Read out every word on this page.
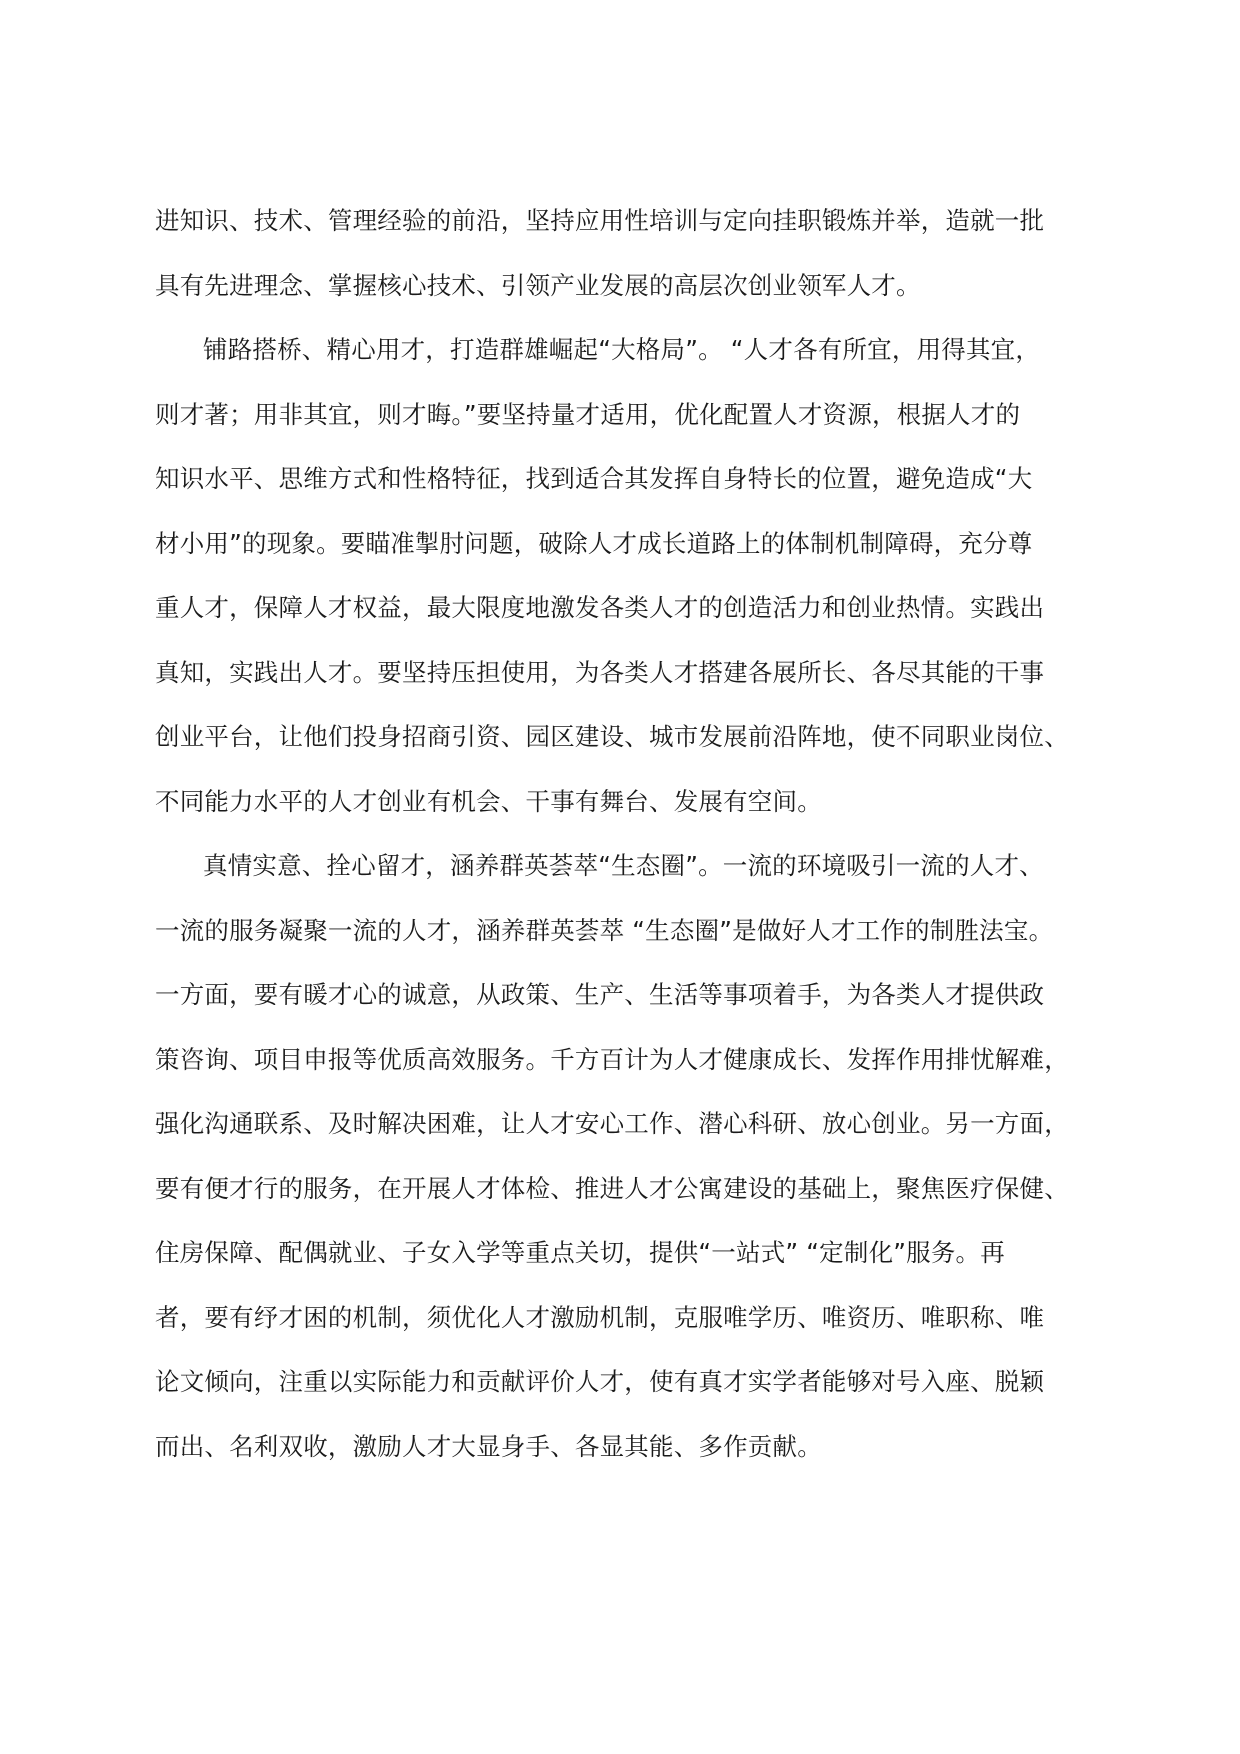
进知识、技术、管理经验的前沿，坚持应用性培训与定向挂职锻炼并举，造就一批
具有先进理念、掌握核心技术、引领产业发展的高层次创业领军人才。
铺路搭桥、精心用才，打造群雄崛起“大格局”。 “人才各有所宜，用得其宜，
则才著；用非其宜，则才晦。”要坚持量才适用，优化配置人才资源，根据人才的
知识水平、思维方式和性格特征，找到适合其发挥自身特长的位置，避免造成“大
材小用”的现象。要瞄准掣肘问题，破除人才成长道路上的体制机制障碍，充分尊
重人才，保障人才权益，最大限度地激发各类人才的创造活力和创业热情。实践出
真知，实践出人才。要坚持压担使用，为各类人才搭建各展所长、各尽其能的干事
创业平台，让他们投身招商引资、园区建设、城市发展前沿阵地，使不同职业岗位、
不同能力水平的人才创业有机会、干事有舞台、发展有空间。
真情实意、拴心留才，涵养群英荟萃“生态圈”。一流的环境吸引一流的人才、
一流的服务凝聚一流的人才，涵养群英荟萃 “生态圈”是做好人才工作的制胜法宝。
一方面，要有暖才心的诚意，从政策、生产、生活等事项着手，为各类人才提供政
策咨询、项目申报等优质高效服务。千方百计为人才健康成长、发挥作用排忧解难，
强化沟通联系、及时解决困难，让人才安心工作、潜心科研、放心创业。另一方面，
要有便才行的服务，在开展人才体检、推进人才公寓建设的基础上，聚焦医疗保健、
住房保障、配偶就业、子女入学等重点关切，提供“一站式” “定制化”服务。再
者，要有纾才困的机制，须优化人才激励机制，克服唯学历、唯资历、唯职称、唯
论文倾向，注重以实际能力和贡献评价人才，使有真才实学者能够对号入座、脱颖
而出、名利双收，激励人才大显身手、各显其能、多作贡献。
